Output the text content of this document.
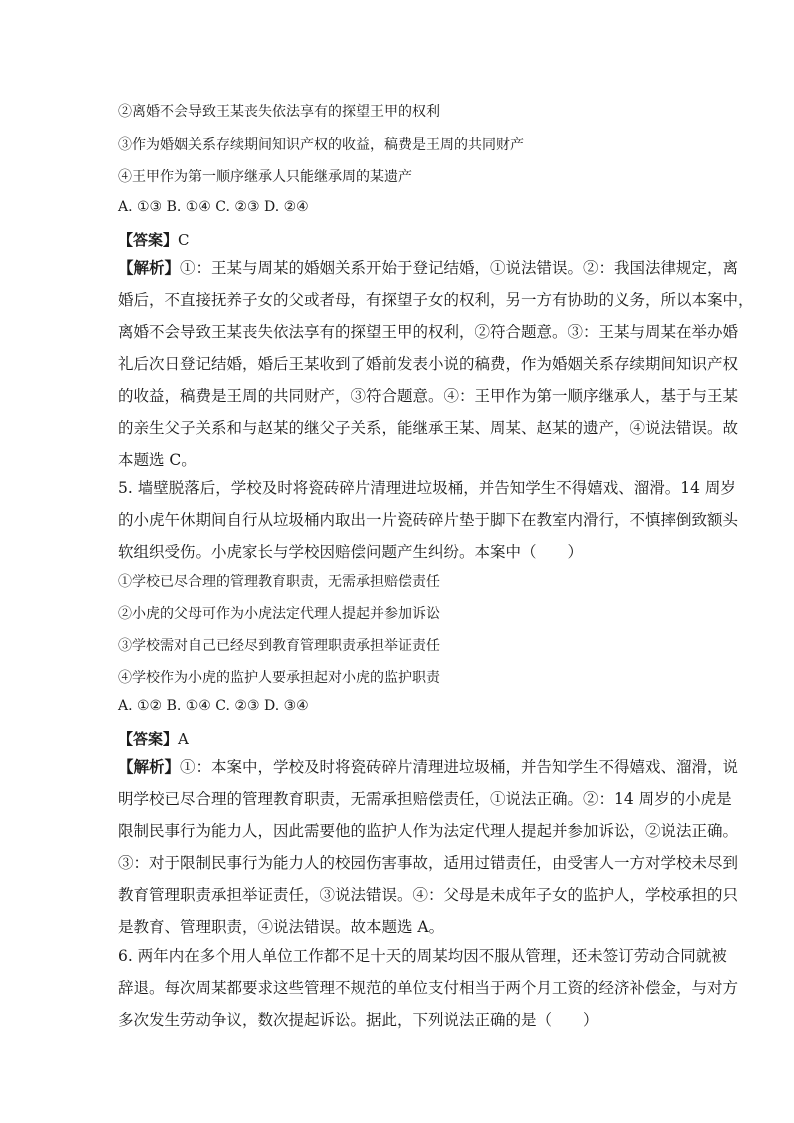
②离婚不会导致王某丧失依法享有的探望王甲的权利
③作为婚姻关系存续期间知识产权的收益，稿费是王周的共同财产
④王甲作为第一顺序继承人只能继承周的某遗产
A. ①③ B. ①④ C. ②③ D. ②④
【答案】C
【解析】①：王某与周某的婚姻关系开始于登记结婚，①说法错误。②：我国法律规定，离
婚后，不直接抚养子女的父或者母，有探望子女的权利，另一方有协助的义务，所以本案中，
离婚不会导致王某丧失依法享有的探望王甲的权利，②符合题意。③：王某与周某在举办婚
礼后次日登记结婚，婚后王某收到了婚前发表小说的稿费，作为婚姻关系存续期间知识产权
的收益，稿费是王周的共同财产，③符合题意。④：王甲作为第一顺序继承人，基于与王某
的亲生父子关系和与赵某的继父子关系，能继承王某、周某、赵某的遗产，④说法错误。故
本题选 C。
5. 墙壁脱落后，学校及时将瓷砖碎片清理进垃圾桶，并告知学生不得嬉戏、溜滑。14 周岁
的小虎午休期间自行从垃圾桶内取出一片瓷砖碎片垫于脚下在教室内滑行，不慎摔倒致额头
软组织受伤。小虎家长与学校因赔偿问题产生纠纷。本案中（　　）
①学校已尽合理的管理教育职责，无需承担赔偿责任
②小虎的父母可作为小虎法定代理人提起并参加诉讼
③学校需对自己已经尽到教育管理职责承担举证责任
④学校作为小虎的监护人要承担起对小虎的监护职责
A. ①② B. ①④ C. ②③ D. ③④
【答案】A
【解析】①：本案中，学校及时将瓷砖碎片清理进垃圾桶，并告知学生不得嬉戏、溜滑，说
明学校已尽合理的管理教育职责，无需承担赔偿责任，①说法正确。②：14 周岁的小虎是
限制民事行为能力人，因此需要他的监护人作为法定代理人提起并参加诉讼，②说法正确。
③：对于限制民事行为能力人的校园伤害事故，适用过错责任，由受害人一方对学校未尽到
教育管理职责承担举证责任，③说法错误。④：父母是未成年子女的监护人，学校承担的只
是教育、管理职责，④说法错误。故本题选 A。
6. 两年内在多个用人单位工作都不足十天的周某均因不服从管理，还未签订劳动合同就被
辞退。每次周某都要求这些管理不规范的单位支付相当于两个月工资的经济补偿金，与对方
多次发生劳动争议，数次提起诉讼。据此，下列说法正确的是（　　）
